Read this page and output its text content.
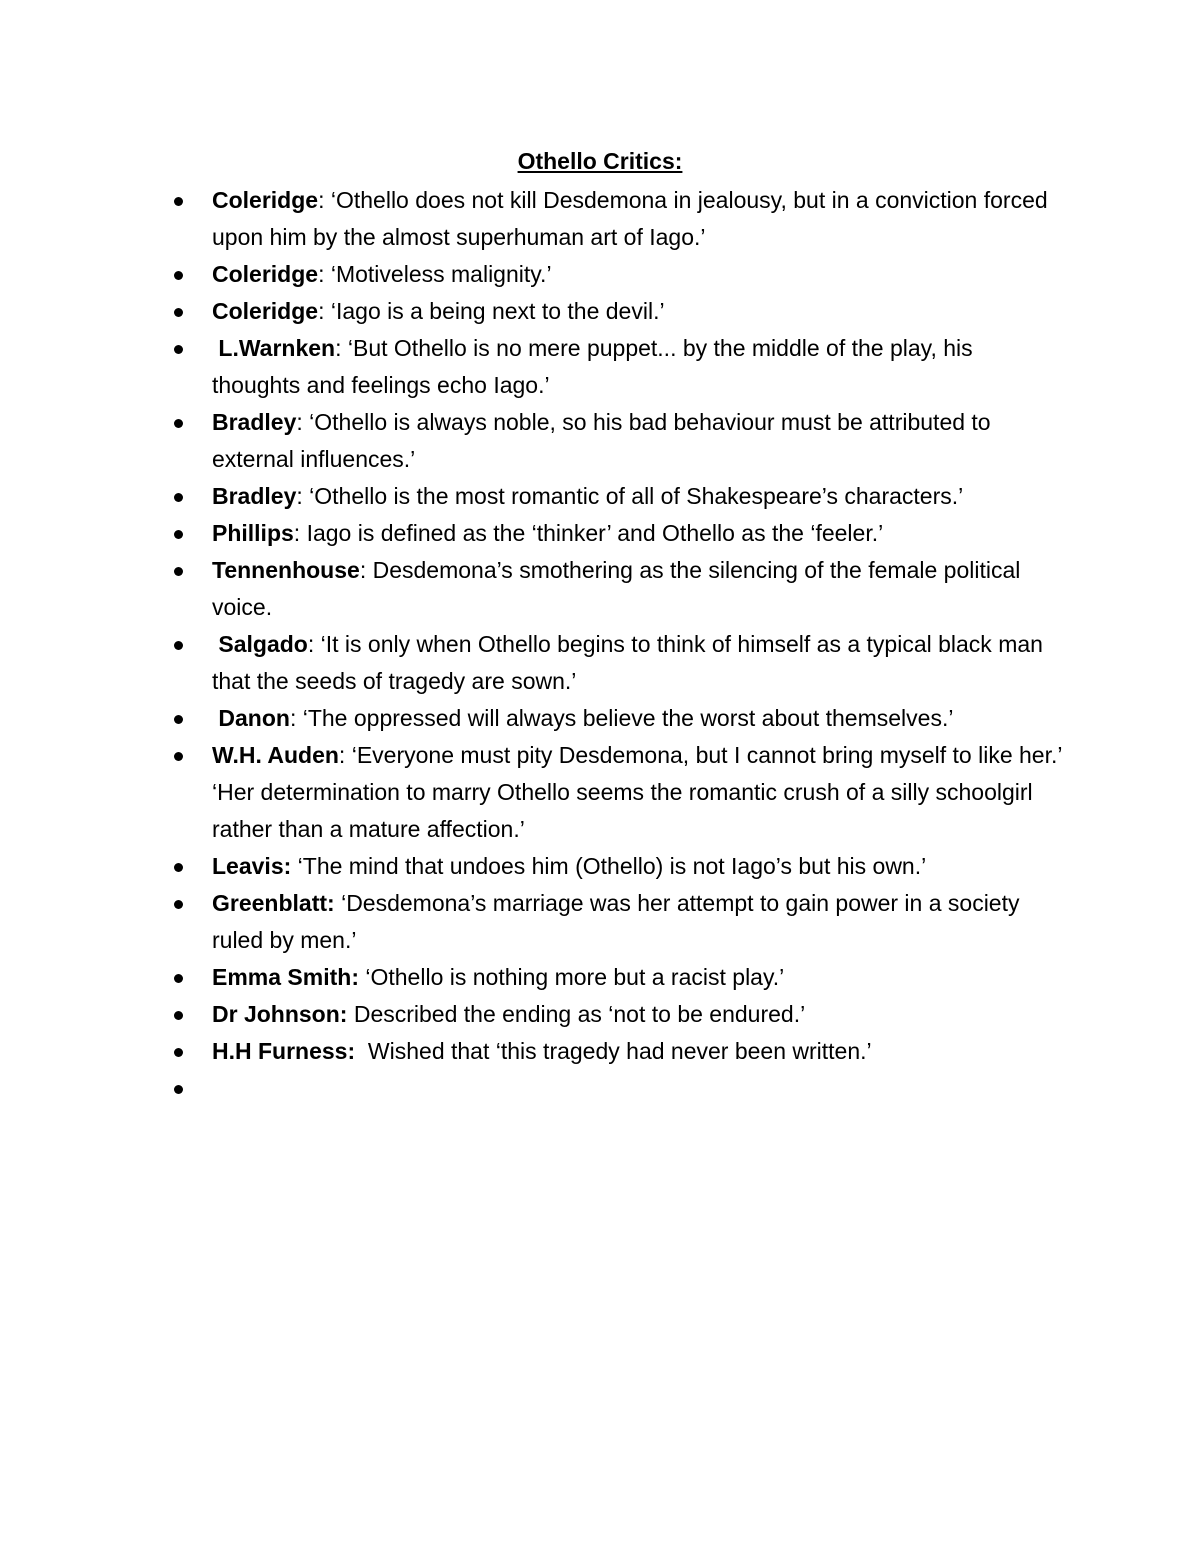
Othello Critics:
Coleridge: ‘Othello does not kill Desdemona in jealousy, but in a conviction forced upon him by the almost superhuman art of Iago.’
Coleridge: ‘Motiveless malignity.’
Coleridge: ‘Iago is a being next to the devil.’
L.Warnken: ‘But Othello is no mere puppet... by the middle of the play, his thoughts and feelings echo Iago.’
Bradley: ‘Othello is always noble, so his bad behaviour must be attributed to external influences.’
Bradley: ‘Othello is the most romantic of all of Shakespeare’s characters.’
Phillips: Iago is defined as the ‘thinker’ and Othello as the ‘feeler.’
Tennenhouse: Desdemona’s smothering as the silencing of the female political voice.
Salgado: ‘It is only when Othello begins to think of himself as a typical black man that the seeds of tragedy are sown.’
Danon: ‘The oppressed will always believe the worst about themselves.’
W.H. Auden: ‘Everyone must pity Desdemona, but I cannot bring myself to like her.’ ‘Her determination to marry Othello seems the romantic crush of a silly schoolgirl rather than a mature affection.’
Leavis: ‘The mind that undoes him (Othello) is not Iago’s but his own.’
Greenblatt: ‘Desdemona’s marriage was her attempt to gain power in a society ruled by men.’
Emma Smith: ‘Othello is nothing more but a racist play.’
Dr Johnson: Described the ending as ‘not to be endured.’
H.H Furness: Wished that ‘this tragedy had never been written.’
